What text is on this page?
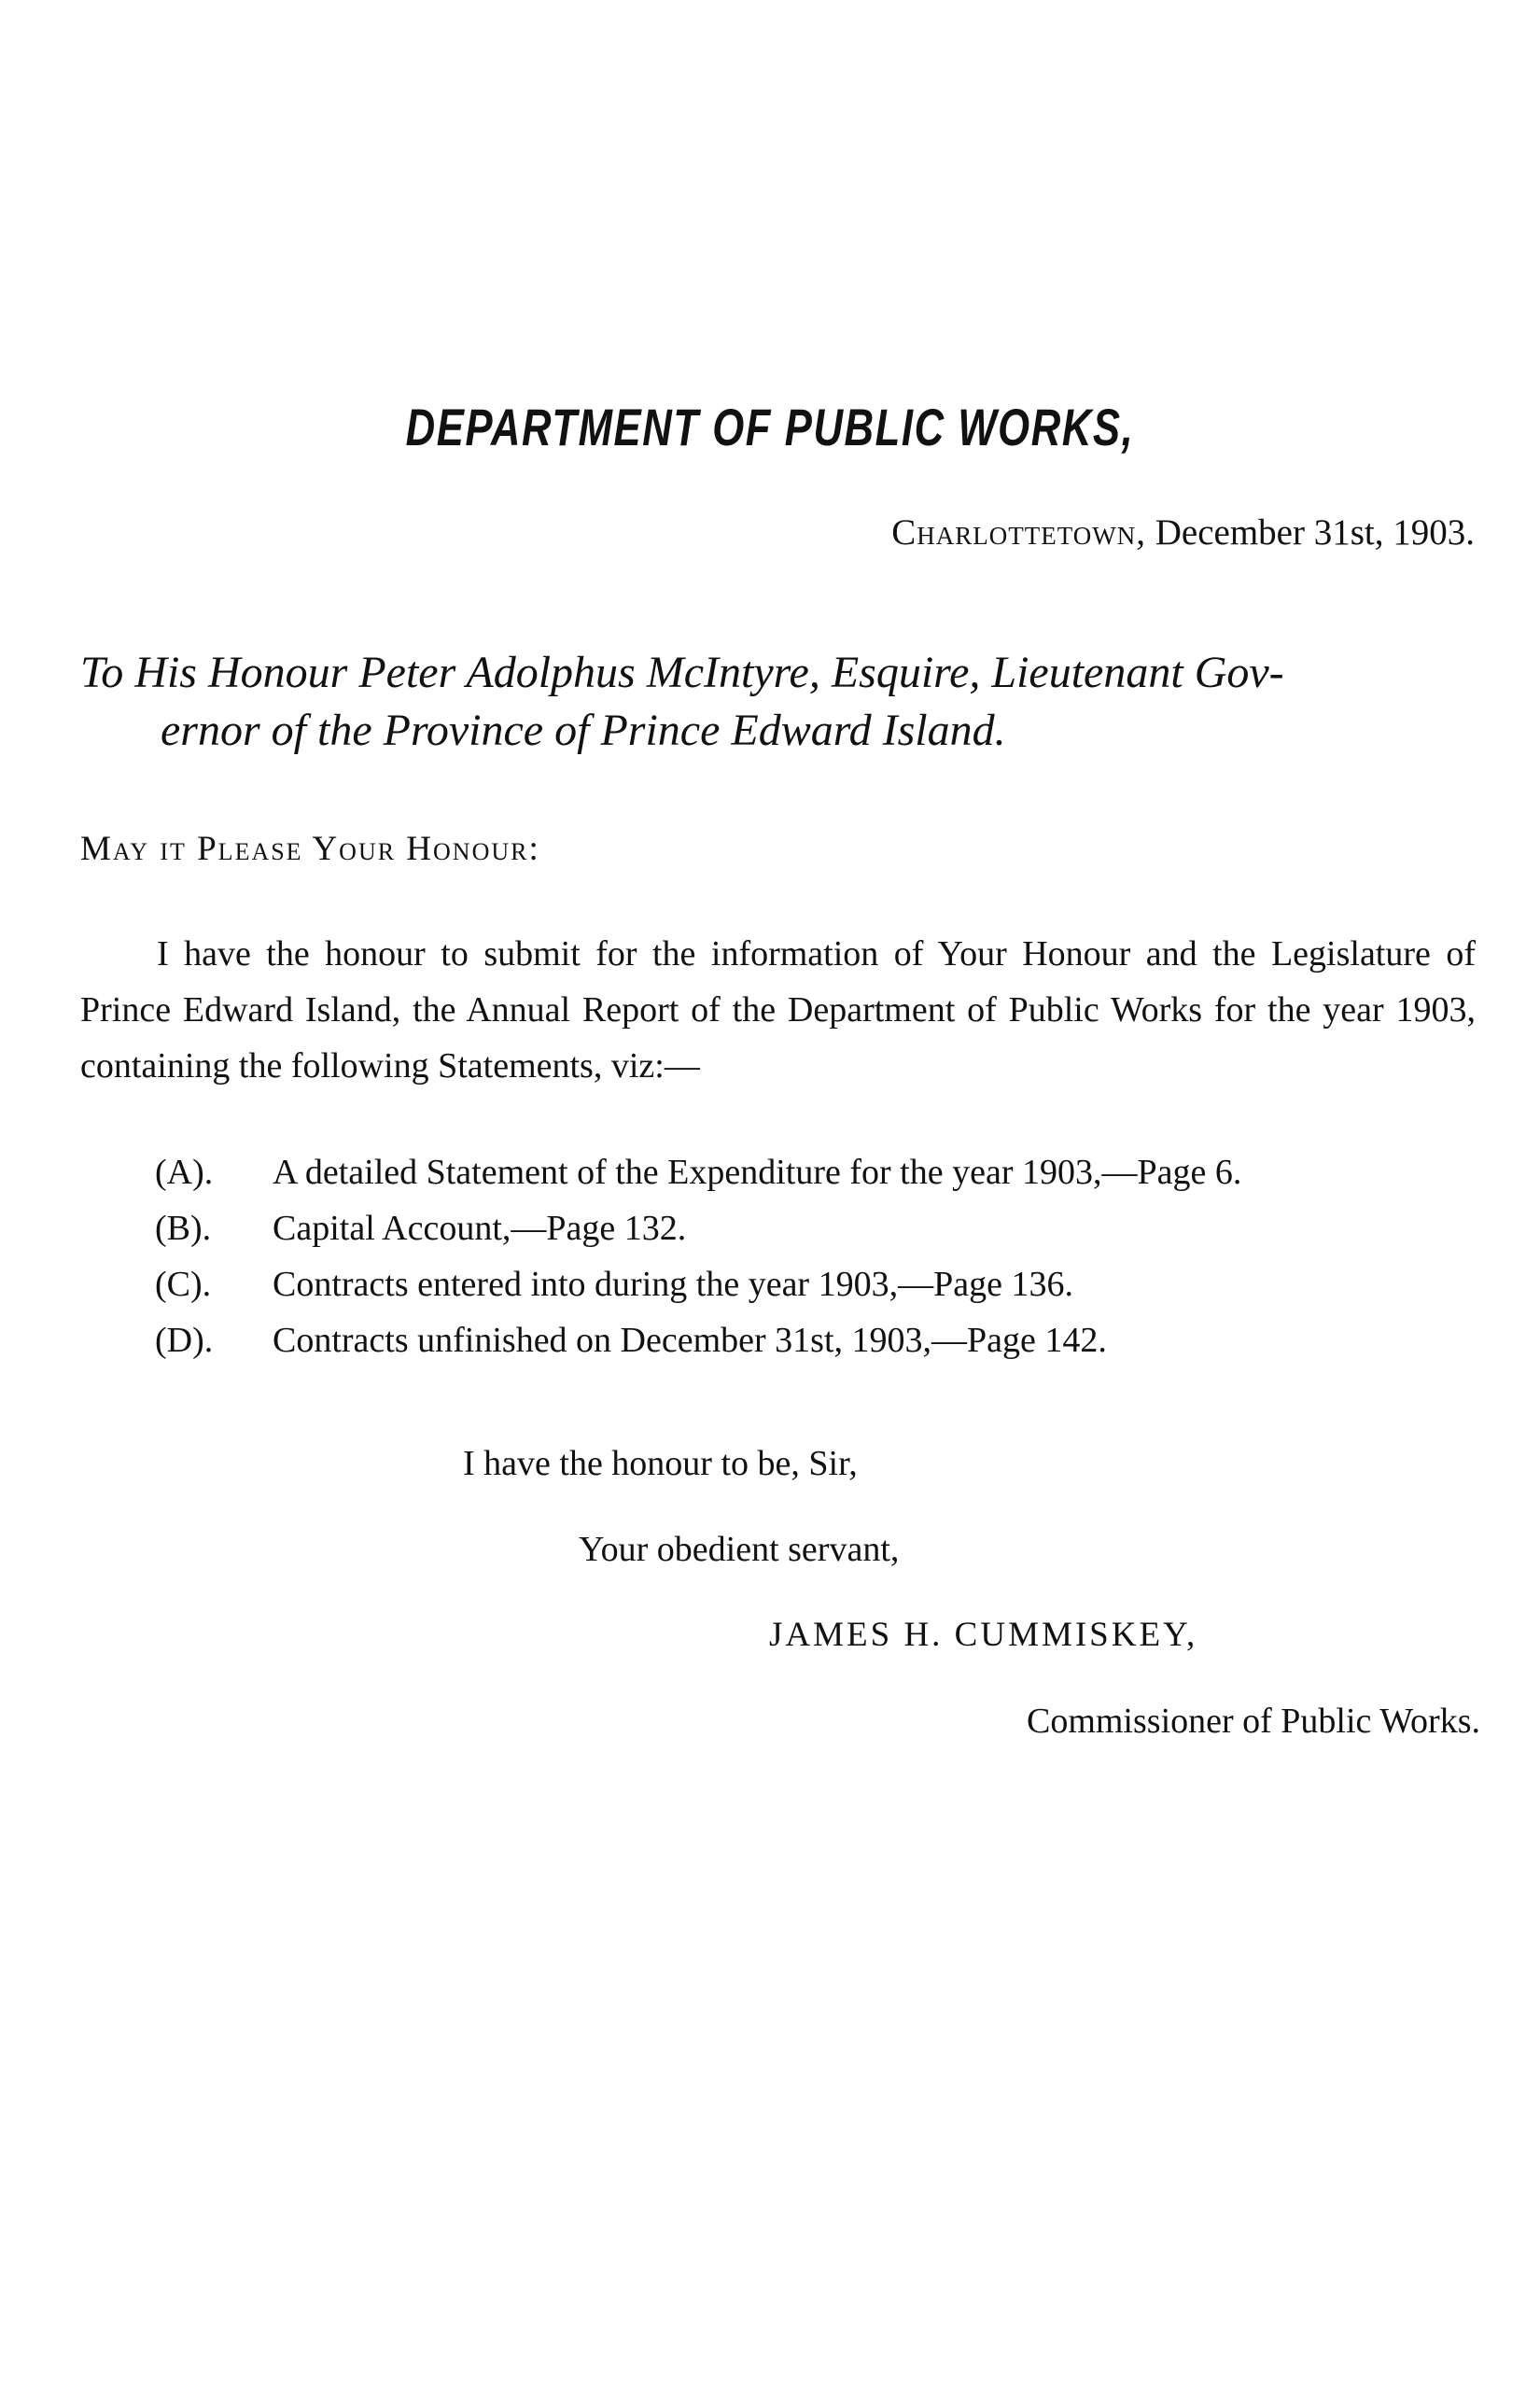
DEPARTMENT OF PUBLIC WORKS,
Charlottetown, December 31st, 1903.
To His Honour Peter Adolphus McIntyre, Esquire, Lieutenant Gov-
ernor of the Province of Prince Edward Island.
May it Please Your Honour:
I have the honour to submit for the information of Your Honour and the Legislature of Prince Edward Island, the Annual Report of the Department of Public Works for the year 1903, containing the following Statements, viz:—
(A).	A detailed Statement of the Expenditure for the year 1903,—Page 6.
(B).	Capital Account,—Page 132.
(C).	Contracts entered into during the year 1903,—Page 136.
(D).	Contracts unfinished on December 31st, 1903,—Page 142.
I have the honour to be, Sir,
Your obedient servant,
JAMES H. CUMMISKEY,
Commissioner of Public Works.
